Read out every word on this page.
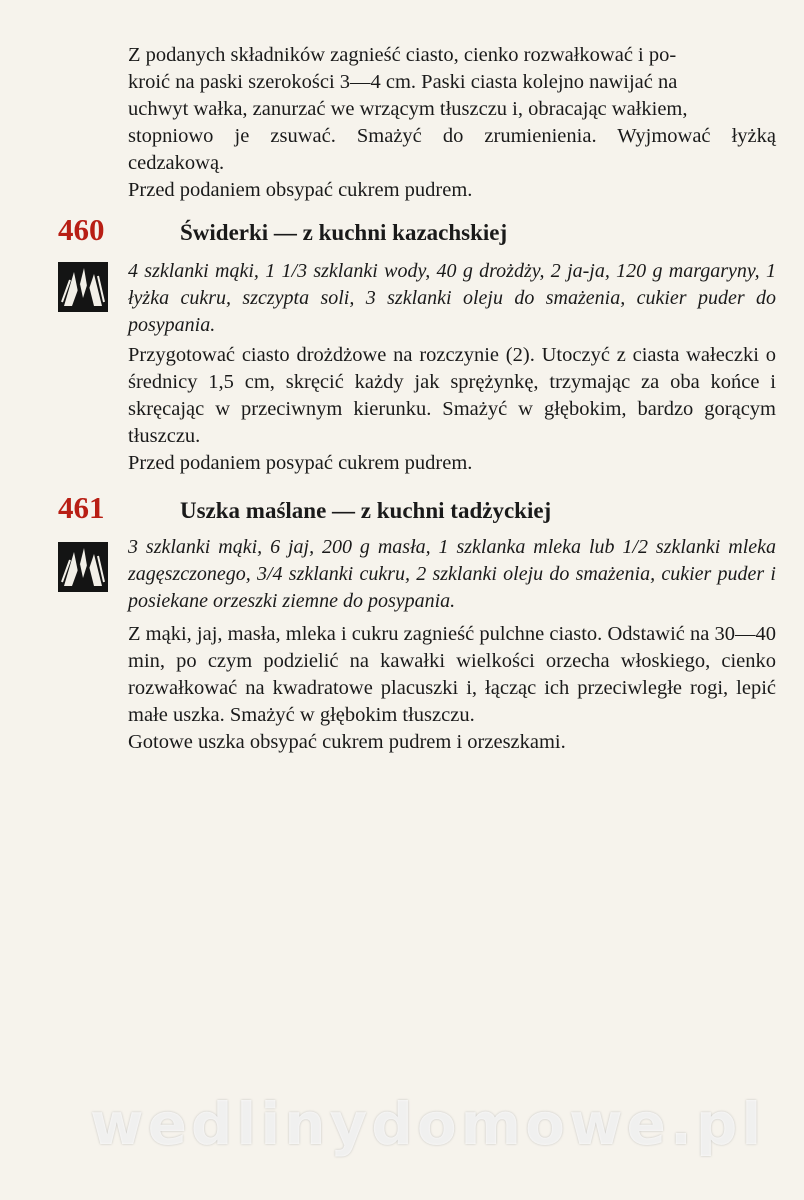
Z podanych składników zagnieść ciasto, cienko rozwałkować i po-

kroić na paski szerokości 3—4 cm. Paski ciasta kolejno nawijać na

uchwyt wałka, zanurzać we wrzącym tłuszczu i, obracając wałkiem,

stopniowo je zsuwać. Smażyć do zrumienienia. Wyjmować łyżką

cedzakową.

Przed podaniem obsypać cukrem pudrem.

460	Świderki — z kuchni kazachskiej
4 szklanki mąki, 1 1/3 szklanki wody, 40 g drożdży, 2 ja-ja, 120 g margaryny, 1 łyżka cukru, szczypta soli, 3 szklanki oleju do smażenia, cukier puder do posypania.

Przygotować ciasto drożdżowe na rozczynie (2). Utoczyć z ciasta wałeczki o średnicy 1,5 cm, skręcić każdy jak sprężynkę, trzymając za oba końce i skręcając w przeciwnym kierunku. Smażyć w głębokim, bardzo gorącym tłuszczu.

Przed podaniem posypać cukrem pudrem.

461	Uszka maślane — z kuchni tadżyckiej
3 szklanki mąki, 6 jaj, 200 g masła, 1 szklanka mleka lub 1/2 szklanki mleka zagęszczonego, 3/4 szklanki cukru, 2 szklanki oleju do smażenia, cukier puder i posiekane orzeszki ziemne do posypania.

Z mąki, jaj, masła, mleka i cukru zagnieść pulchne ciasto. Odstawić na 30—40 min, po czym podzielić na kawałki wielkości orzecha włoskiego, cienko rozwałkować na kwadratowe placuszki i, łącząc ich przeciwległe rogi, lepić małe uszka. Smażyć w głębokim tłuszczu.

Gotowe uszka obsypać cukrem pudrem i orzeszkami.

wedlinydomowe.pl
